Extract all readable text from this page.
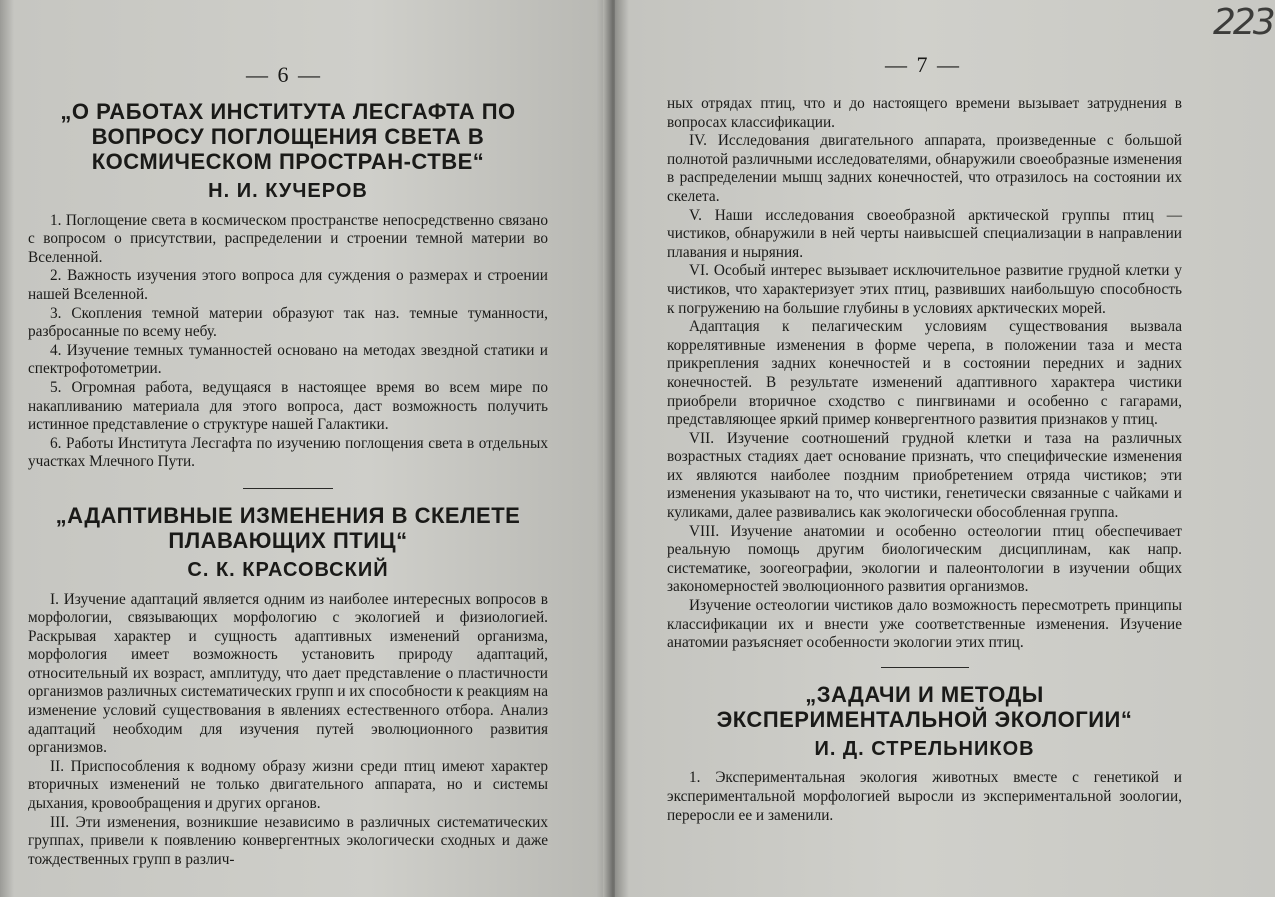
— 6 —
„О РАБОТАХ ИНСТИТУТА ЛЕСГАФТА ПО ВОПРОСУ ПОГЛОЩЕНИЯ СВЕТА В КОСМИЧЕСКОМ ПРОСТРАН-СТВЕ“
Н. И. КУЧЕРОВ

1. Поглощение света в космическом пространстве непосредственно связано с вопросом о присутствии, распределении и строении темной материи во Вселенной.

2. Важность изучения этого вопроса для суждения о размерах и строении нашей Вселенной.

3. Скопления темной материи образуют так наз. темные туманности, разбросанные по всему небу.

4. Изучение темных туманностей основано на методах звездной статики и спектрофотометрии.

5. Огромная работа, ведущаяся в настоящее время во всем мире по накапливанию материала для этого вопроса, даст возможность получить истинное представление о структуре нашей Галактики.

6. Работы Института Лесгафта по изучению поглощения света в отдельных участках Млечного Пути.

„АДАПТИВНЫЕ ИЗМЕНЕНИЯ В СКЕЛЕТЕ ПЛАВАЮЩИХ ПТИЦ“
С. К. КРАСОВСКИЙ

I. Изучение адаптаций является одним из наиболее интересных вопросов в морфологии, связывающих морфологию с экологией и физиологией. Раскрывая характер и сущность адаптивных изменений организма, морфология имеет возможность установить природу адаптаций, относительный их возраст, амплитуду, что дает представление о пластичности организмов различных систематических групп и их способности к реакциям на изменение условий существования в явлениях естественного отбора. Анализ адаптаций необходим для изучения путей эволюционного развития организмов.

II. Приспособления к водному образу жизни среди птиц имеют характер вторичных изменений не только двигательного аппарата, но и системы дыхания, кровообращения и других органов.

III. Эти изменения, возникшие независимо в различных систематических группах, привели к появлению конвергентных экологически сходных и даже тождественных групп в различ-

— 7 —

ных отрядах птиц, что и до настоящего времени вызывает затруднения в вопросах классификации.

IV. Исследования двигательного аппарата, произведенные с большой полнотой различными исследователями, обнаружили своеобразные изменения в распределении мышц задних конечностей, что отразилось на состоянии их скелета.

V. Наши исследования своеобразной арктической группы птиц — чистиков, обнаружили в ней черты наивысшей специализации в направлении плавания и ныряния.

VI. Особый интерес вызывает исключительное развитие грудной клетки у чистиков, что характеризует этих птиц, развивших наибольшую способность к погружению на большие глубины в условиях арктических морей.

Адаптация к пелагическим условиям существования вызвала коррелятивные изменения в форме черепа, в положении таза и места прикрепления задних конечностей и в состоянии передних и задних конечностей. В результате изменений адаптивного характера чистики приобрели вторичное сходство с пингвинами и особенно с гагарами, представляющее яркий пример конвергентного развития признаков у птиц.

VII. Изучение соотношений грудной клетки и таза на различных возрастных стадиях дает основание признать, что специфические изменения их являются наиболее поздним приобретением отряда чистиков; эти изменения указывают на то, что чистики, генетически связанные с чайками и куликами, далее развивались как экологически обособленная группа.

VIII. Изучение анатомии и особенно остеологии птиц обеспечивает реальную помощь другим биологическим дисциплинам, как напр. систематике, зоогеографии, экологии и палеонтологии в изучении общих закономерностей эволюционного развития организмов.

Изучение остеологии чистиков дало возможность пересмотреть принципы классификации их и внести уже соответственные изменения. Изучение анатомии разъясняет особенности экологии этих птиц.

„ЗАДАЧИ И МЕТОДЫ ЭКСПЕРИМЕНТАЛЬНОЙ ЭКОЛОГИИ“
И. Д. СТРЕЛЬНИКОВ

1. Экспериментальная экология животных вместе с генетикой и экспериментальной морфологией выросли из экспериментальной зоологии, переросли ее и заменили.

223
